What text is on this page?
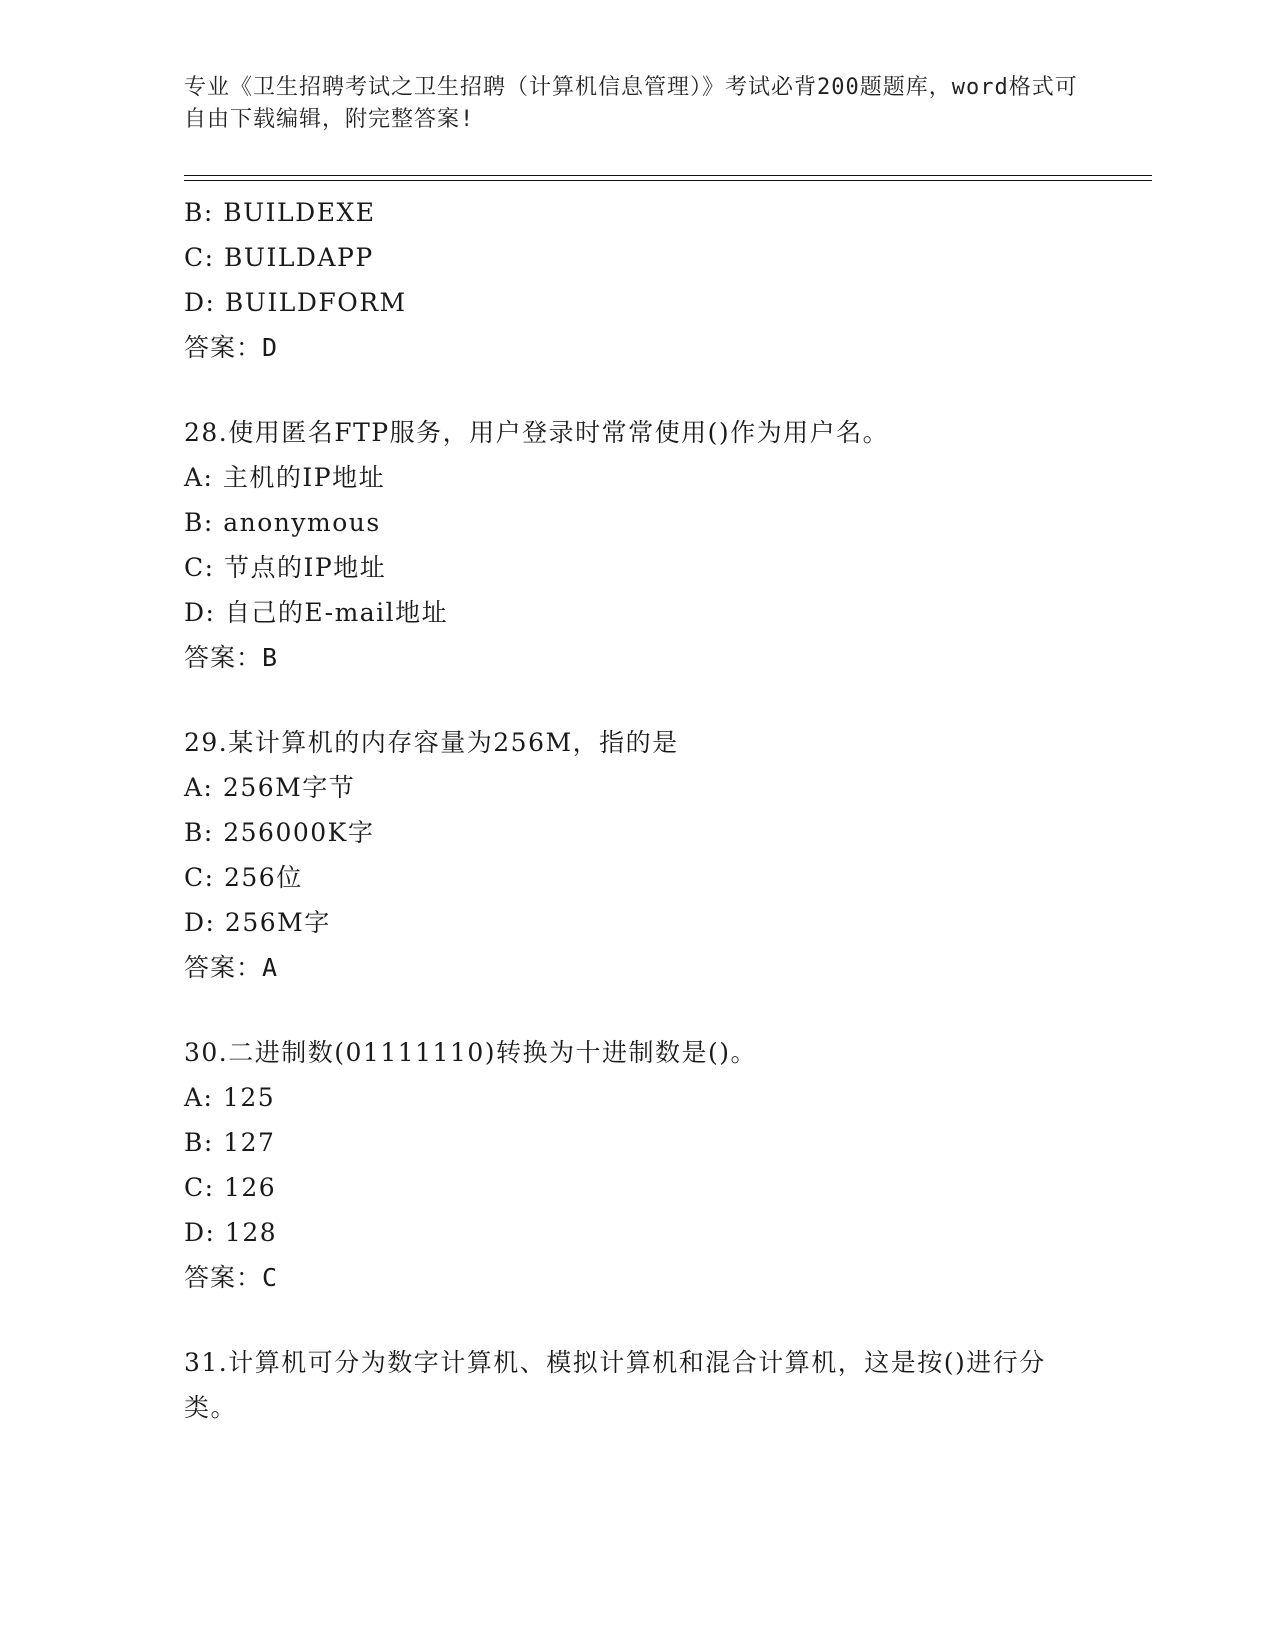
专业《卫生招聘考试之卫生招聘（计算机信息管理）》考试必背200题题库，word格式可自由下载编辑，附完整答案!
B: BUILDEXE
C: BUILDAPP
D: BUILDFORM
答案：D
28.使用匿名FTP服务，用户登录时常常使用()作为用户名。
A: 主机的IP地址
B: anonymous
C: 节点的IP地址
D: 自己的E-mail地址
答案：B
29.某计算机的内存容量为256M，指的是
A: 256M字节
B: 256000K字
C: 256位
D: 256M字
答案：A
30.二进制数(01111110)转换为十进制数是()。
A: 125
B: 127
C: 126
D: 128
答案：C
31.计算机可分为数字计算机、模拟计算机和混合计算机，这是按()进行分类。
